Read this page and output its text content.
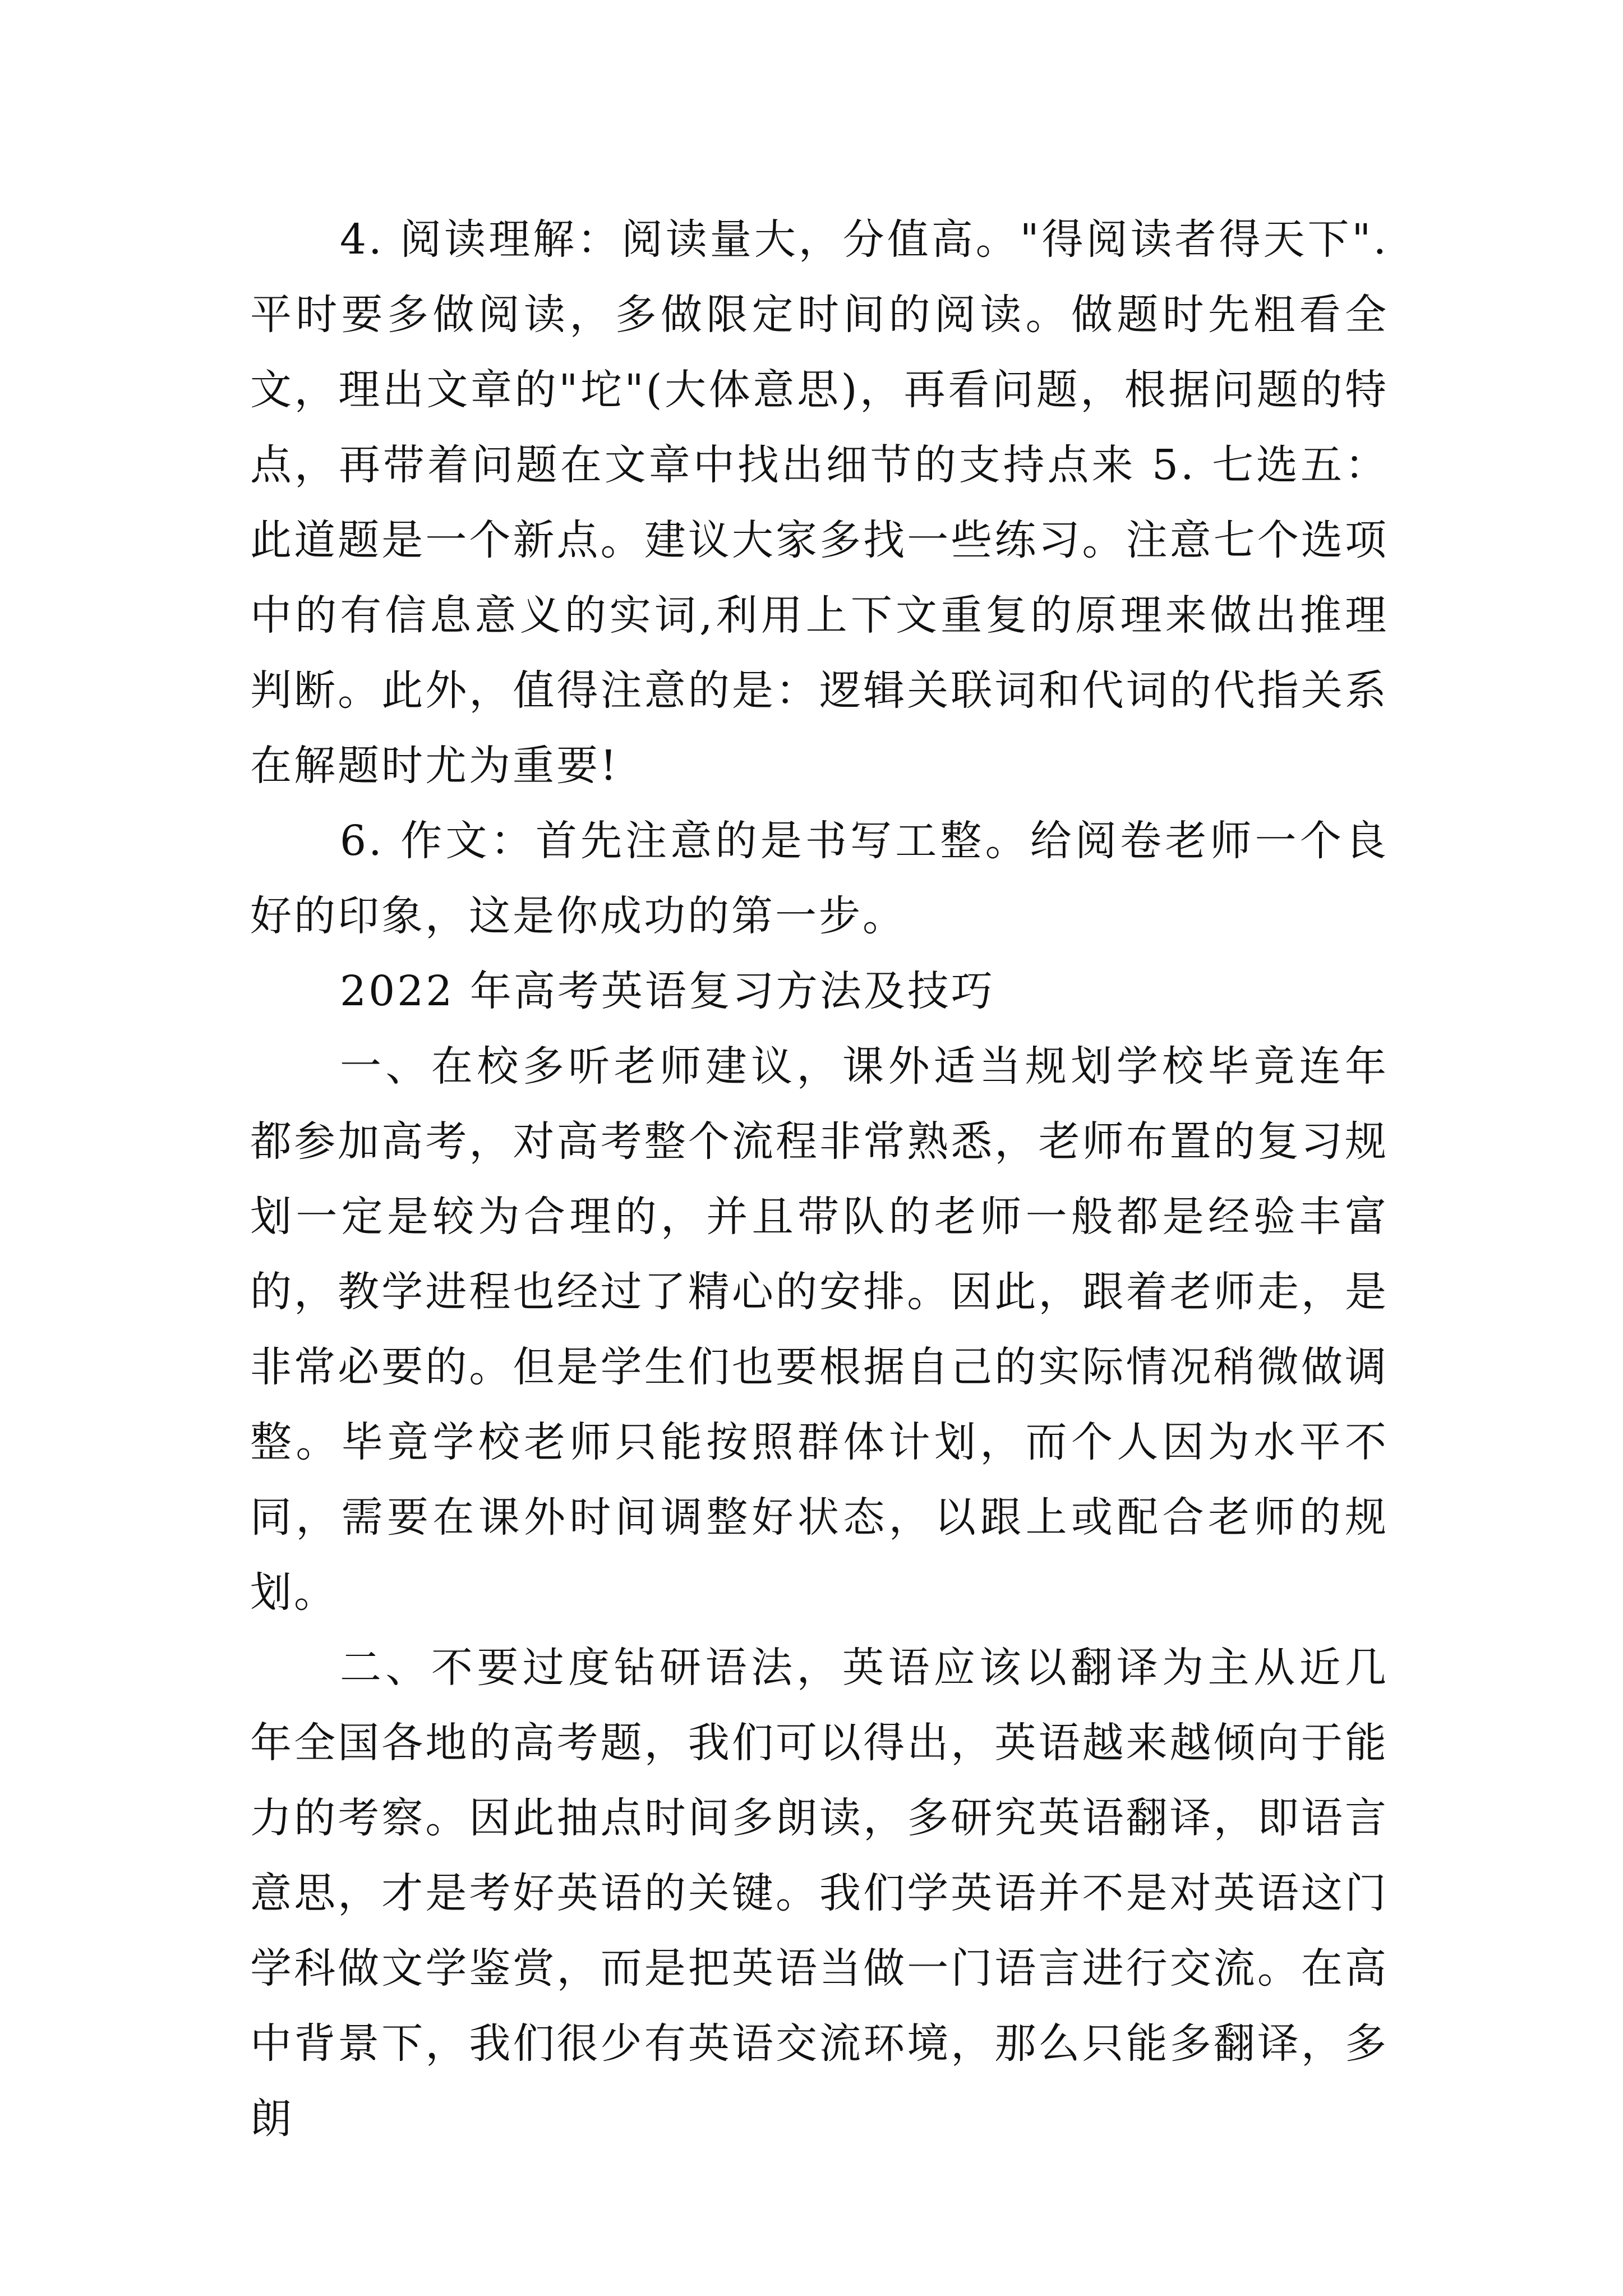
4. 阅读理解：阅读量大，分值高。"得阅读者得天下".平时要多做阅读，多做限定时间的阅读。做题时先粗看全文，理出文章的"坨"(大体意思)，再看问题，根据问题的特点，再带着问题在文章中找出细节的支持点来 5. 七选五：此道题是一个新点。建议大家多找一些练习。注意七个选项中的有信息意义的实词,利用上下文重复的原理来做出推理判断。此外，值得注意的是：逻辑关联词和代词的代指关系在解题时尤为重要!

6. 作文：首先注意的是书写工整。给阅卷老师一个良好的印象，这是你成功的第一步。

2022 年高考英语复习方法及技巧

一、在校多听老师建议，课外适当规划学校毕竟连年都参加高考，对高考整个流程非常熟悉，老师布置的复习规划一定是较为合理的，并且带队的老师一般都是经验丰富的，教学进程也经过了精心的安排。因此，跟着老师走，是非常必要的。但是学生们也要根据自己的实际情况稍微做调整。毕竟学校老师只能按照群体计划，而个人因为水平不同，需要在课外时间调整好状态，以跟上或配合老师的规划。

二、不要过度钻研语法，英语应该以翻译为主从近几年全国各地的高考题，我们可以得出，英语越来越倾向于能力的考察。因此抽点时间多朗读，多研究英语翻译，即语言意思，才是考好英语的关键。我们学英语并不是对英语这门学科做文学鉴赏，而是把英语当做一门语言进行交流。在高中背景下，我们很少有英语交流环境，那么只能多翻译，多朗
